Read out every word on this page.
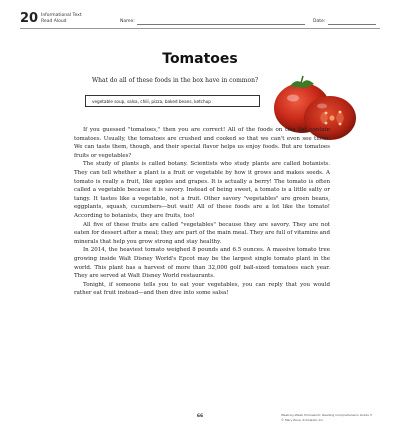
20 Informational Text
Read Aloud	Name:	Date:
Tomatoes
What do all of these foods in the box have in common?
vegetable soup, salsa, chili, pizza, baked beans, ketchup

If you guessed "tomatoes," then you are correct! All of the foods on this list contain tomatoes. Usually, the tomatoes are crushed and cooked so that we can't even see them. We can taste them, though, and their special flavor helps us enjoy foods. But are tomatoes fruits or vegetables?

The study of plants is called botany. Scientists who study plants are called botanists. They can tell whether a plant is a fruit or vegetable by how it grows and makes seeds. A tomato is really a fruit, like apples and grapes. It is actually a berry! The tomato is often called a vegetable because it is savory. Instead of being sweet, a tomato is a little salty or tangy. It tastes like a vegetable, not a fruit. Other savory "vegetables" are green beans, eggplants, squash, cucumbers—but wait! All of these foods are a lot like the tomato! According to botanists, they are fruits, too!

All five of these fruits are called "vegetables" because they are savory. They are not eaten for dessert after a meal; they are part of the main meal. They are full of vitamins and minerals that help you grow strong and stay healthy.

In 2014, the heaviest tomato weighed 8 pounds and 6.5 ounces. A massive tomato tree growing inside Walt Disney World's Epcot may be the largest single tomato plant in the world. This plant has a harvest of more than 32,000 golf ball-sized tomatoes each year. They are served at Walt Disney World restaurants.

Tonight, if someone tells you to eat your vegetables, you can reply that you would rather eat fruit instead—and then dive into some salsa!

Week-by-Week Homework: Reading Comprehension Grade 3
© Mary Rosa, Scholastic Inc.
66
